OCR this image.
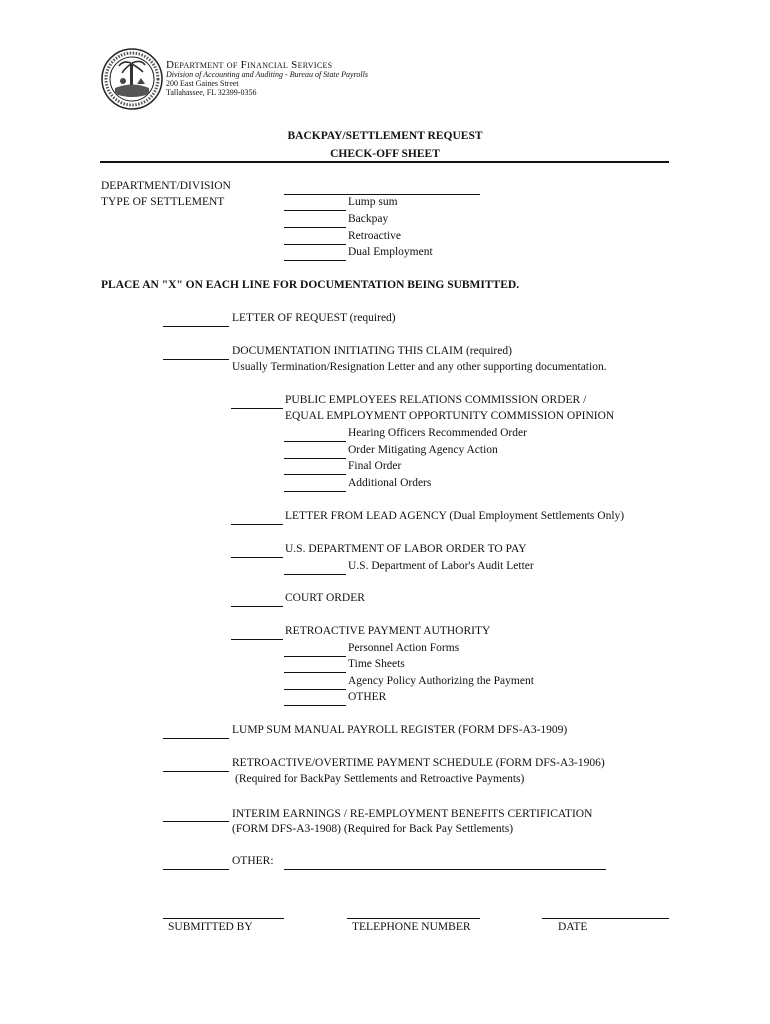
Department of Financial Services
Division of Accounting and Auditing - Bureau of State Payrolls
200 East Gaines Street
Tallahassee, FL 32399-0356
BACKPAY/SETTLEMENT REQUEST
CHECK-OFF SHEET
DEPARTMENT/DIVISION
TYPE OF SETTLEMENT	Lump sum
Backpay
Retroactive
Dual Employment
PLACE AN "X" ON EACH LINE FOR DOCUMENTATION BEING SUBMITTED.
LETTER OF REQUEST (required)
DOCUMENTATION INITIATING THIS CLAIM (required)
Usually Termination/Resignation Letter and any other supporting documentation.
PUBLIC EMPLOYEES RELATIONS COMMISSION ORDER /
EQUAL EMPLOYMENT OPPORTUNITY COMMISSION OPINION
Hearing Officers Recommended Order
Order Mitigating Agency Action
Final Order
Additional Orders
LETTER FROM LEAD AGENCY (Dual Employment Settlements Only)
U.S. DEPARTMENT OF LABOR ORDER TO PAY
U.S. Department of Labor's Audit Letter
COURT ORDER
RETROACTIVE PAYMENT AUTHORITY
Personnel Action Forms
Time Sheets
Agency Policy Authorizing the Payment
OTHER
LUMP SUM MANUAL PAYROLL REGISTER (FORM DFS-A3-1909)
RETROACTIVE/OVERTIME PAYMENT SCHEDULE (FORM DFS-A3-1906)
(Required for BackPay Settlements and Retroactive Payments)
INTERIM EARNINGS / RE-EMPLOYMENT BENEFITS CERTIFICATION
(FORM DFS-A3-1908) (Required for Back Pay Settlements)
OTHER:
SUBMITTED BY	TELEPHONE NUMBER	DATE
